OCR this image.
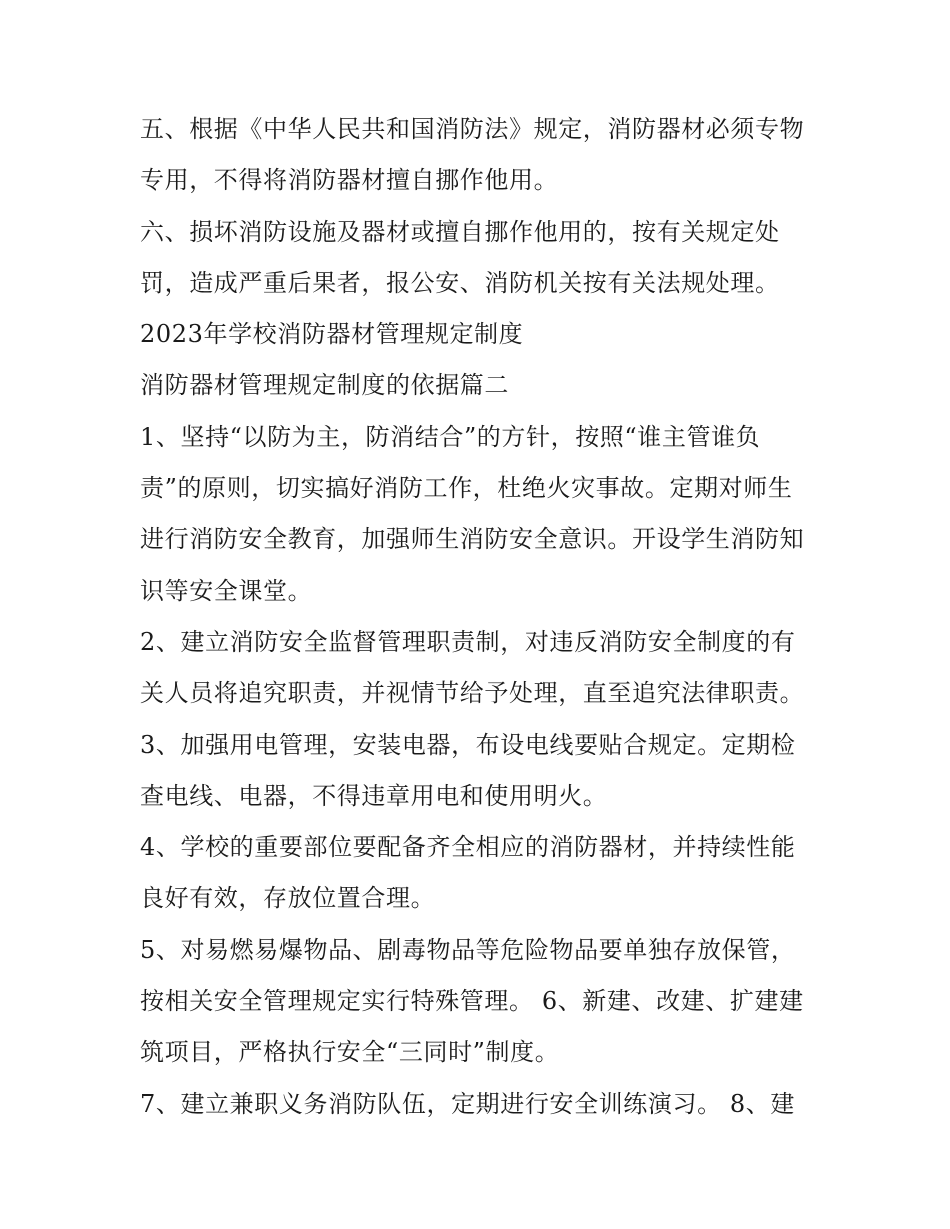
五、根据《中华人民共和国消防法》规定，消防器材必须专物
专用，不得将消防器材擅自挪作他用。
六、损坏消防设施及器材或擅自挪作他用的，按有关规定处
罚，造成严重后果者，报公安、消防机关按有关法规处理。
2023年学校消防器材管理规定制度
消防器材管理规定制度的依据篇二
1、坚持“以防为主，防消结合”的方针，按照“谁主管谁负
责”的原则，切实搞好消防工作，杜绝火灾事故。定期对师生
进行消防安全教育，加强师生消防安全意识。开设学生消防知
识等安全课堂。
2、建立消防安全监督管理职责制，对违反消防安全制度的有
关人员将追究职责，并视情节给予处理，直至追究法律职责。
3、加强用电管理，安装电器，布设电线要贴合规定。定期检
查电线、电器，不得违章用电和使用明火。
4、学校的重要部位要配备齐全相应的消防器材，并持续性能
良好有效，存放位置合理。
5、对易燃易爆物品、剧毒物品等危险物品要单独存放保管，
按相关安全管理规定实行特殊管理。 6、新建、改建、扩建建
筑项目，严格执行安全“三同时”制度。
7、建立兼职义务消防队伍，定期进行安全训练演习。 8、建
